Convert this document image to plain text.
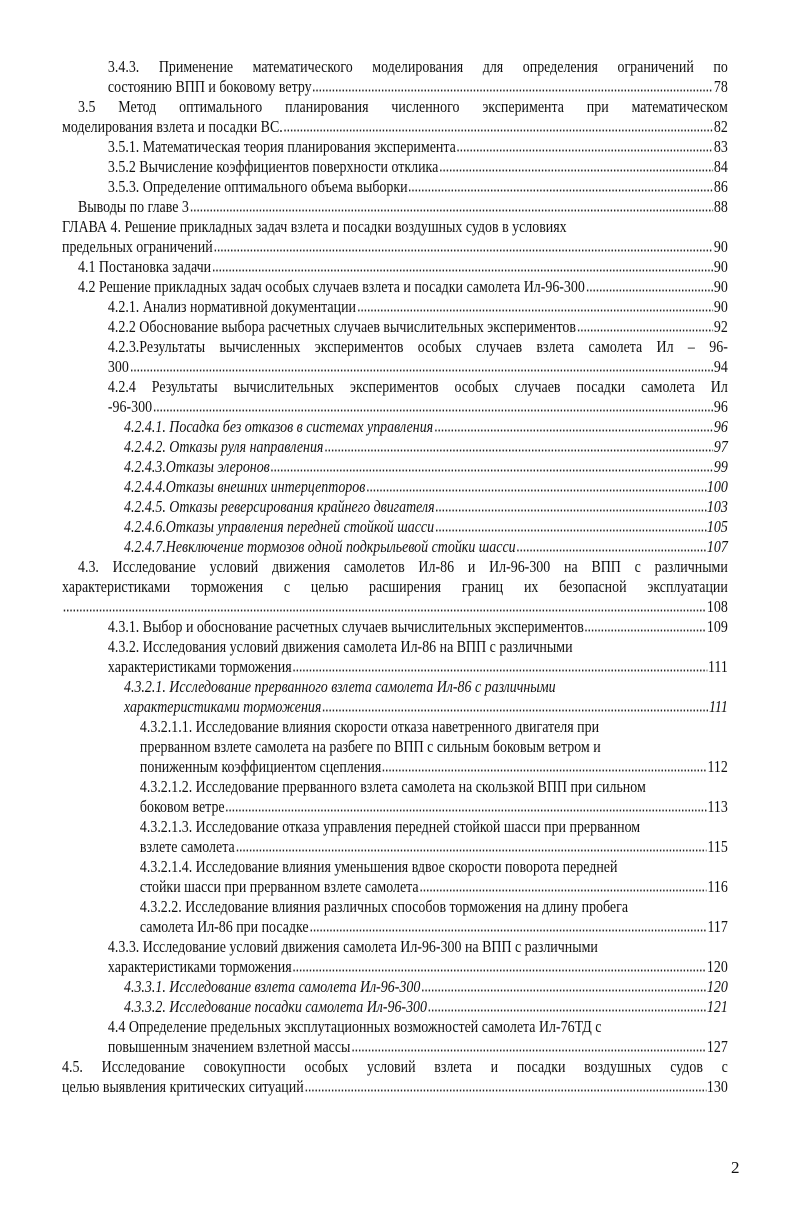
3.4.3. Применение математического моделирования для определения ограничений по
состоянию ВПП и боковому ветру	78
3.5 Метод оптимального планирования численного эксперимента при математическом
моделирования взлета и посадки ВС.	82
3.5.1. Математическая теория планирования эксперимента	83
3.5.2 Вычисление коэффициентов поверхности отклика	84
3.5.3. Определение оптимального объема выборки	86
Выводы по главе 3	88
ГЛАВА 4. Решение прикладных задач взлета и посадки воздушных судов в условиях
предельных ограничений	90
4.1 Постановка задачи	90
4.2 Решение прикладных задач особых случаев взлета и посадки самолета Ил-96-300	90
4.2.1. Анализ нормативной документации	90
4.2.2 Обоснование выбора расчетных случаев вычислительных экспериментов	92
4.2.3.Результаты вычисленных экспериментов особых случаев взлета самолета Ил – 96-
300	94
4.2.4 Результаты вычислительных экспериментов особых случаев посадки самолета Ил
-96-300	96
4.2.4.1. Посадка без отказов в системах управления	96
4.2.4.2. Отказы руля направления	97
4.2.4.3.Отказы элеронов	99
4.2.4.4.Отказы внешних интерцепторов	100
4.2.4.5. Отказы реверсирования крайнего двигателя	103
4.2.4.6.Отказы управления передней стойкой шасси	105
4.2.4.7.Невключение тормозов одной подкрыльевой стойки шасси	107
4.3. Исследование условий движения самолетов Ил-86 и Ил-96-300 на ВПП с различными
характеристиками торможения с целью расширения границ их безопасной эксплуатации
108
4.3.1. Выбор и обоснование расчетных случаев вычислительных экспериментов	109
4.3.2. Исследования условий движения самолета Ил-86 на ВПП с различными
характеристиками торможения	111
4.3.2.1. Исследование прерванного взлета самолета Ил-86 с различными
характеристиками торможения	111
4.3.2.1.1. Исследование влияния скорости отказа наветренного двигателя при
прерванном взлете самолета на разбеге по ВПП с сильным боковым ветром и
пониженным коэффициентом сцепления	112
4.3.2.1.2. Исследование прерванного взлета самолета на скользкой ВПП при сильном
боковом ветре	113
4.3.2.1.3. Исследование отказа управления передней стойкой шасси при прерванном
взлете самолета	115
4.3.2.1.4. Исследование влияния уменьшения вдвое скорости поворота передней
стойки шасси при прерванном взлете самолета	116
4.3.2.2. Исследование влияния различных способов торможения на длину пробега
самолета Ил-86 при посадке	117
4.3.3. Исследование условий движения самолета Ил-96-300 на ВПП с различными
характеристиками торможения	120
4.3.3.1. Исследование взлета самолета Ил-96-300	120
4.3.3.2. Исследование посадки самолета Ил-96-300	121
4.4 Определение предельных эксплутационных возможностей самолета Ил-76ТД с
повышенным значением взлетной массы	127
4.5. Исследование совокупности особых условий взлета и посадки воздушных судов с
целью выявления критических ситуаций	130
2
